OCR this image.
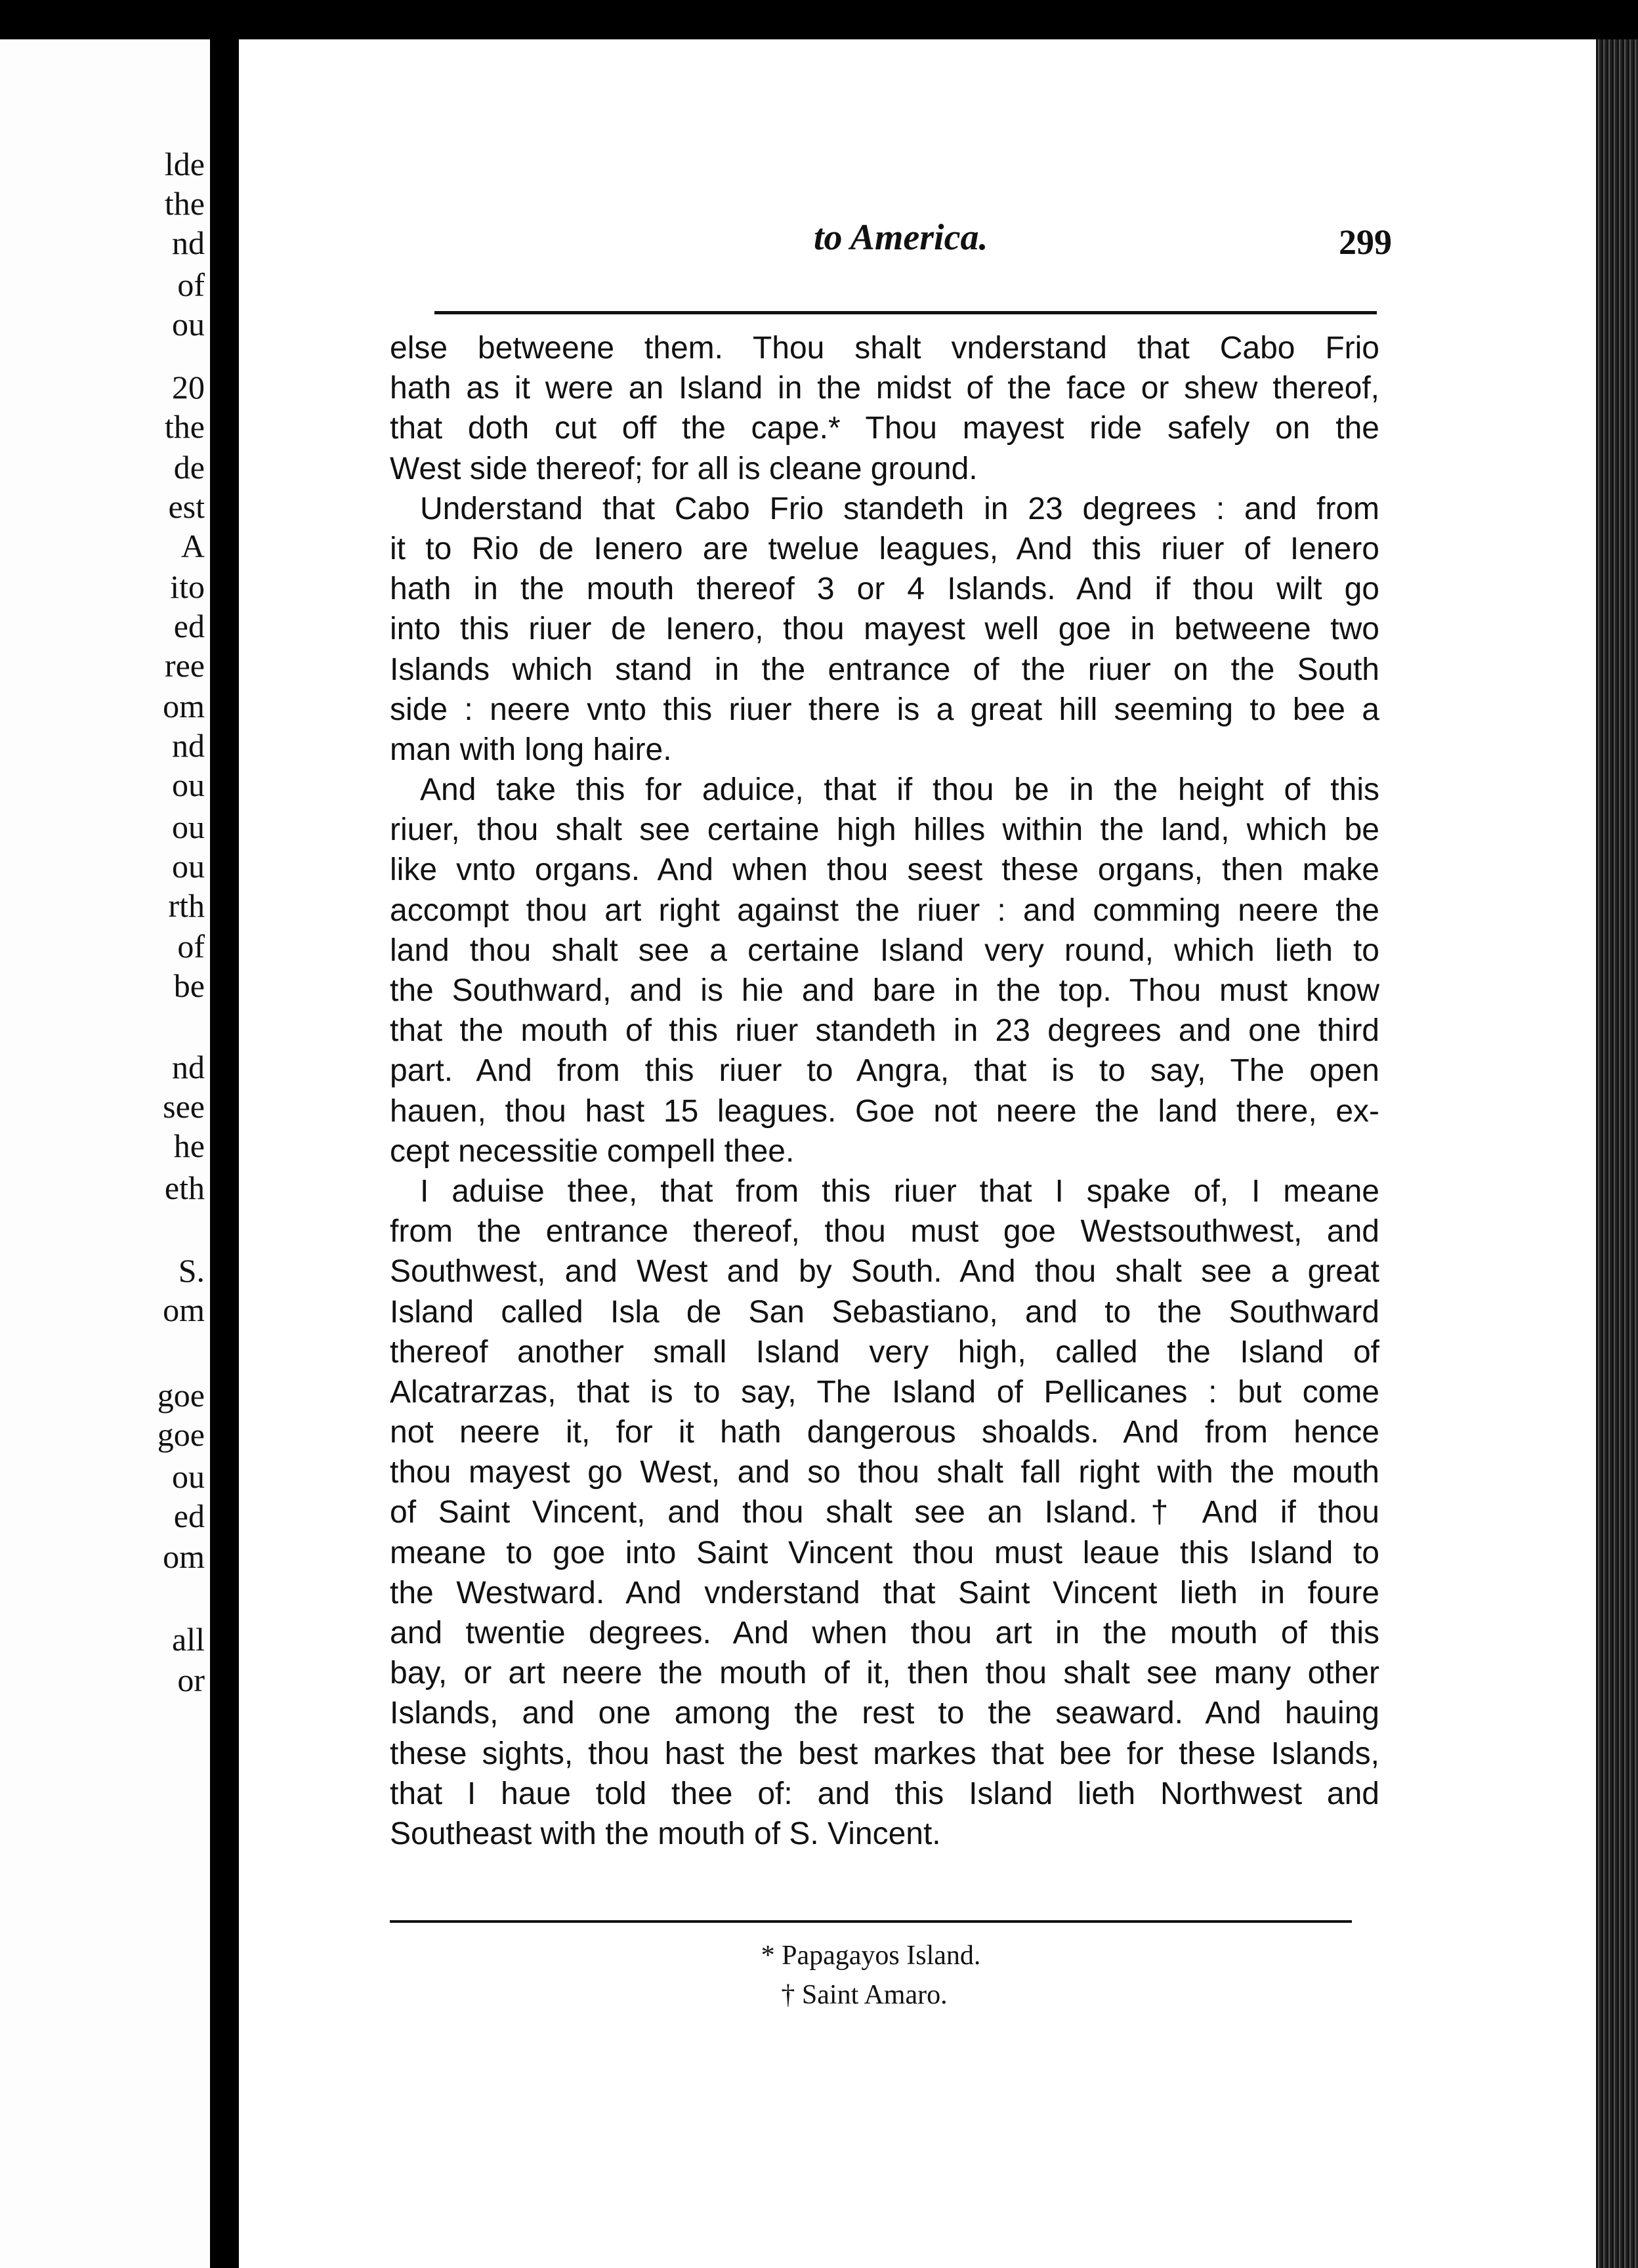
lde
the
nd
of
ou
20
the
de
est
A
ito
ed
ree
om
nd
ou
ou
ou
rth
of
be
nd
see
he
eth
S.
om
goe
goe
ou
ed
om
all
or
to America.	299
else betweene them. Thou shalt vnderstand that Cabo Frio
hath as it were an Island in the midst of the face or shew thereof,
that doth cut off the cape.* Thou mayest ride safely on the
West side thereof; for all is cleane ground.
Understand that Cabo Frio standeth in 23 degrees : and from
it to Rio de Ienero are twelue leagues, And this riuer of Ienero
hath in the mouth thereof 3 or 4 Islands. And if thou wilt go
into this riuer de Ienero, thou mayest well goe in betweene two
Islands which stand in the entrance of the riuer on the South
side : neere vnto this riuer there is a great hill seeming to bee a
man with long haire.
And take this for aduice, that if thou be in the height of this
riuer, thou shalt see certaine high hilles within the land, which be
like vnto organs. And when thou seest these organs, then make
accompt thou art right against the riuer : and comming neere the
land thou shalt see a certaine Island very round, which lieth to
the Southward, and is hie and bare in the top. Thou must know
that the mouth of this riuer standeth in 23 degrees and one third
part. And from this riuer to Angra, that is to say, The open
hauen, thou hast 15 leagues. Goe not neere the land there, ex-
cept necessitie compell thee.
I aduise thee, that from this riuer that I spake of, I meane
from the entrance thereof, thou must goe Westsouthwest, and
Southwest, and West and by South. And thou shalt see a great
Island called Isla de San Sebastiano, and to the Southward
thereof another small Island very high, called the Island of
Alcatrarzas, that is to say, The Island of Pellicanes : but come
not neere it, for it hath dangerous shoalds. And from hence
thou mayest go West, and so thou shalt fall right with the mouth
of Saint Vincent, and thou shalt see an Island.† And if thou
meane to goe into Saint Vincent thou must leaue this Island to
the Westward. And vnderstand that Saint Vincent lieth in foure
and twentie degrees. And when thou art in the mouth of this
bay, or art neere the mouth of it, then thou shalt see many other
Islands, and one among the rest to the seaward. And hauing
these sights, thou hast the best markes that bee for these Islands,
that I haue told thee of: and this Island lieth Northwest and
Southeast with the mouth of S. Vincent.
* Papagayos Island.
† Saint Amaro.
